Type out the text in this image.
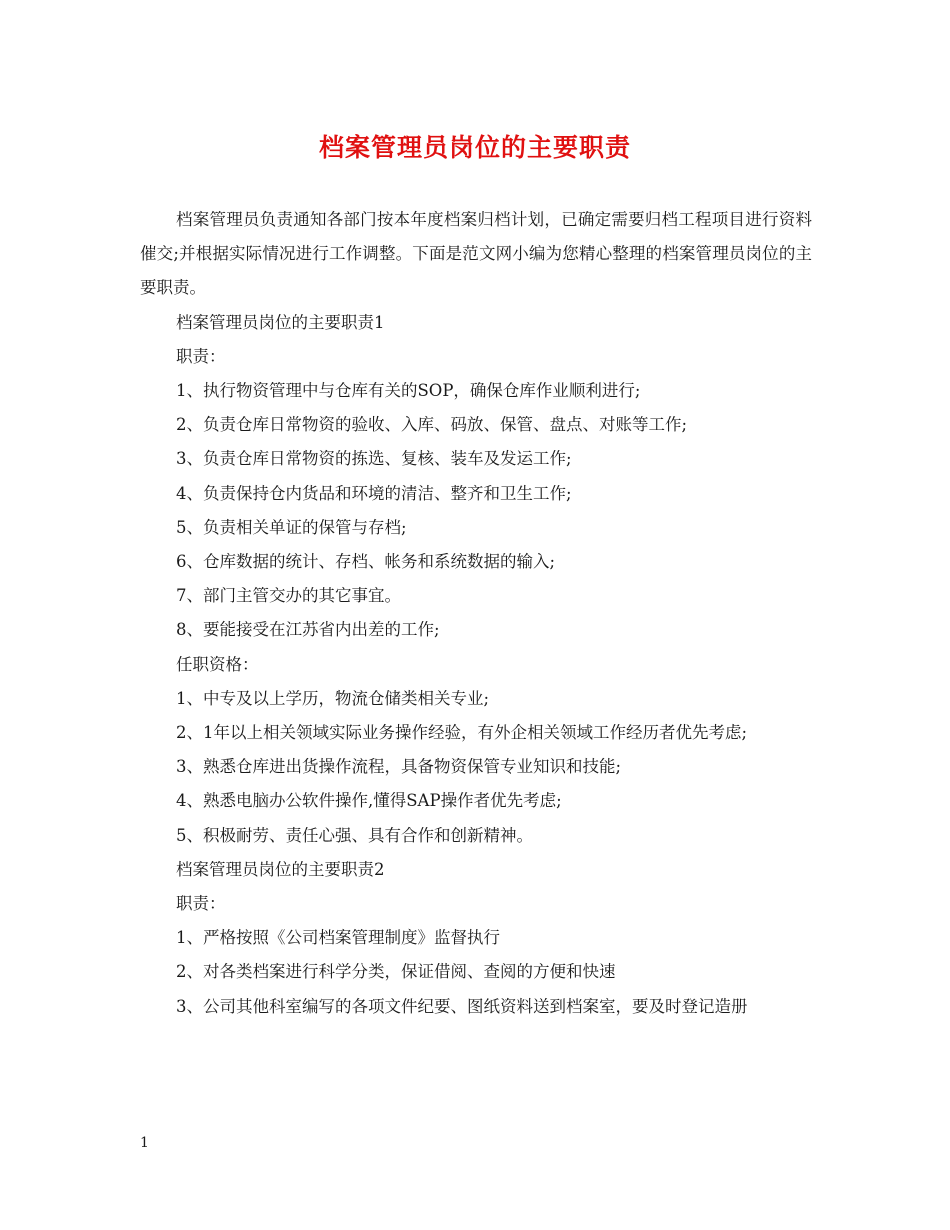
档案管理员岗位的主要职责

档案管理员负责通知各部门按本年度档案归档计划，已确定需要归档工程项目进行资料催交;并根据实际情况进行工作调整。下面是范文网小编为您精心整理的档案管理员岗位的主要职责。

档案管理员岗位的主要职责1

职责：

1、执行物资管理中与仓库有关的SOP，确保仓库作业顺利进行;

2、负责仓库日常物资的验收、入库、码放、保管、盘点、对账等工作;

3、负责仓库日常物资的拣选、复核、装车及发运工作;

4、负责保持仓内货品和环境的清洁、整齐和卫生工作;

5、负责相关单证的保管与存档;

6、仓库数据的统计、存档、帐务和系统数据的输入;

7、部门主管交办的其它事宜。

8、要能接受在江苏省内出差的工作;

任职资格：

1、中专及以上学历，物流仓储类相关专业;

2、1年以上相关领域实际业务操作经验，有外企相关领域工作经历者优先考虑;

3、熟悉仓库进出货操作流程，具备物资保管专业知识和技能;

4、熟悉电脑办公软件操作,懂得SAP操作者优先考虑;

5、积极耐劳、责任心强、具有合作和创新精神。

档案管理员岗位的主要职责2

职责：

1、严格按照《公司档案管理制度》监督执行

2、对各类档案进行科学分类，保证借阅、查阅的方便和快速

3、公司其他科室编写的各项文件纪要、图纸资料送到档案室，要及时登记造册

1
